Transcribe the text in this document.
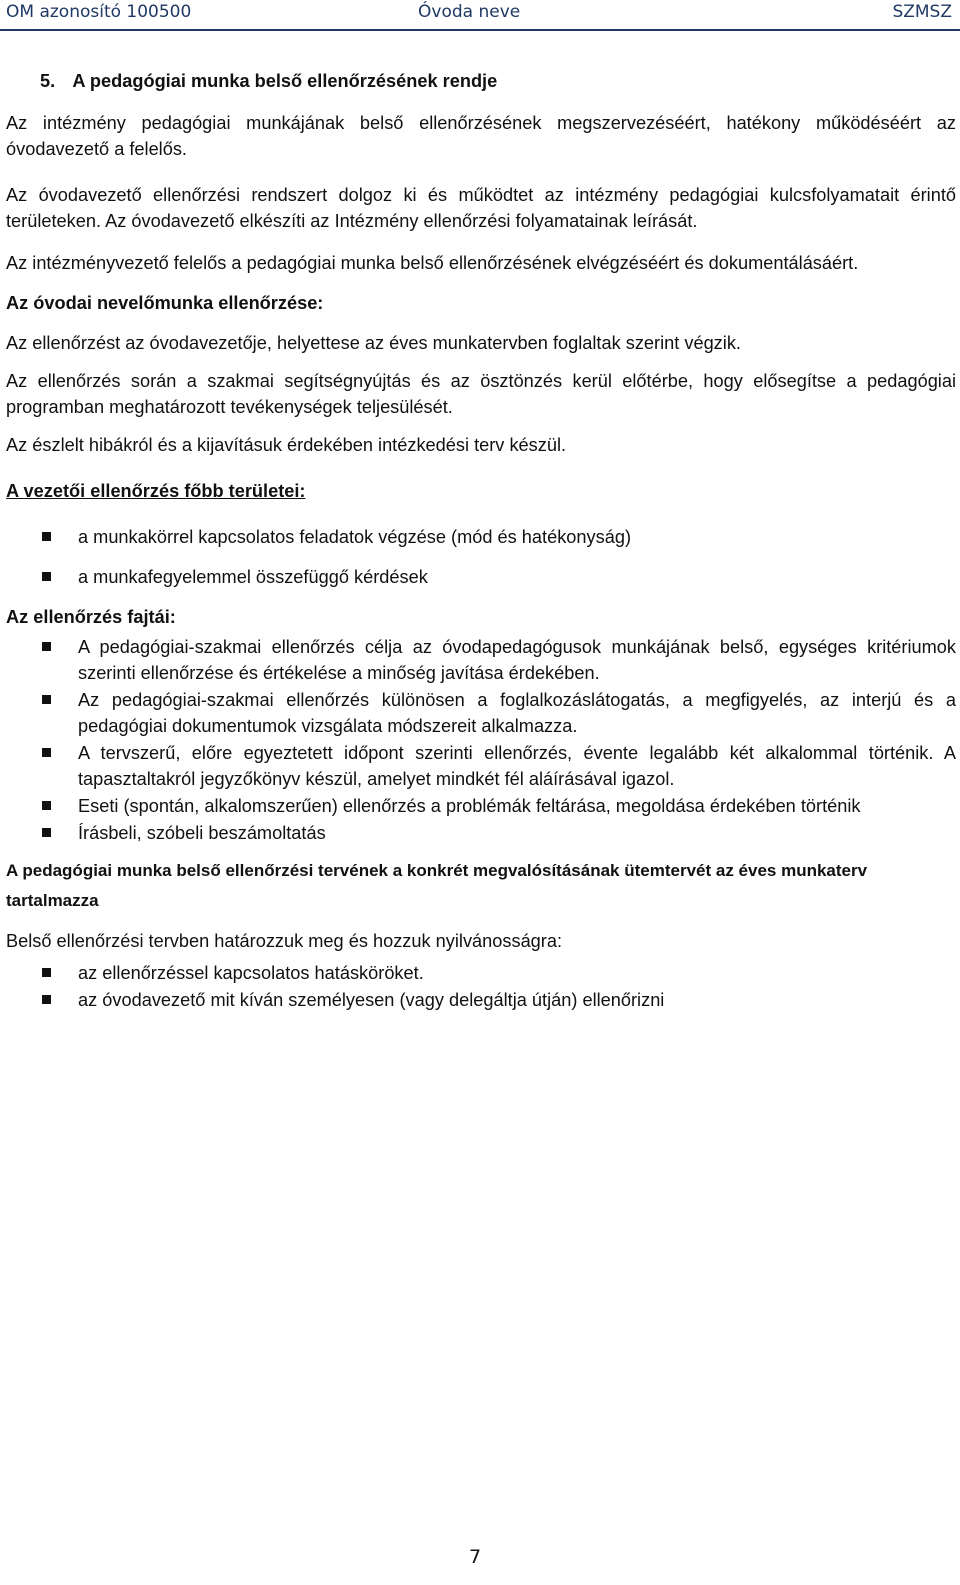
OM azonosító 100500	Óvoda neve	SZMSZ

5. A pedagógiai munka belső ellenőrzésének rendje

Az intézmény pedagógiai munkájának belső ellenőrzésének megszervezéséért, hatékony működéséért az óvodavezető a felelős.

Az óvodavezető ellenőrzési rendszert dolgoz ki és működtet az intézmény pedagógiai kulcsfolyamatait érintő területeken. Az óvodavezető elkészíti az Intézmény ellenőrzési folyamatainak leírását.

Az intézményvezető felelős a pedagógiai munka belső ellenőrzésének elvégzéséért és dokumentálásáért.

Az óvodai nevelőmunka ellenőrzése:

Az ellenőrzést az óvodavezetője, helyettese az éves munkatervben foglaltak szerint végzik.

Az ellenőrzés során a szakmai segítségnyújtás és az ösztönzés kerül előtérbe, hogy elősegítse a pedagógiai programban meghatározott tevékenységek teljesülését.

Az észlelt hibákról és a kijavításuk érdekében intézkedési terv készül.

A vezetői ellenőrzés főbb területei:

a munkakörrel kapcsolatos feladatok végzése (mód és hatékonyság)
a munkafegyelemmel összefüggő kérdések

Az ellenőrzés fajtái:

A pedagógiai-szakmai ellenőrzés célja az óvodapedagógusok munkájának belső, egységes kritériumok szerinti ellenőrzése és értékelése a minőség javítása érdekében.
Az pedagógiai-szakmai ellenőrzés különösen a foglalkozáslátogatás, a megfigyelés, az interjú és a pedagógiai dokumentumok vizsgálata módszereit alkalmazza.
A tervszerű, előre egyeztetett időpont szerinti ellenőrzés, évente legalább két alkalommal történik. A tapasztaltakról jegyzőkönyv készül, amelyet mindkét fél aláírásával igazol.
Eseti (spontán, alkalomszerűen) ellenőrzés a problémák feltárása, megoldása érdekében történik
Írásbeli, szóbeli beszámoltatás

A pedagógiai munka belső ellenőrzési tervének a konkrét megvalósításának ütemtervét az éves munkaterv tartalmazza

Belső ellenőrzési tervben határozzuk meg és hozzuk nyilvánosságra:

az ellenőrzéssel kapcsolatos hatásköröket.
az óvodavezető mit kíván személyesen (vagy delegáltja útján) ellenőrizni
7
